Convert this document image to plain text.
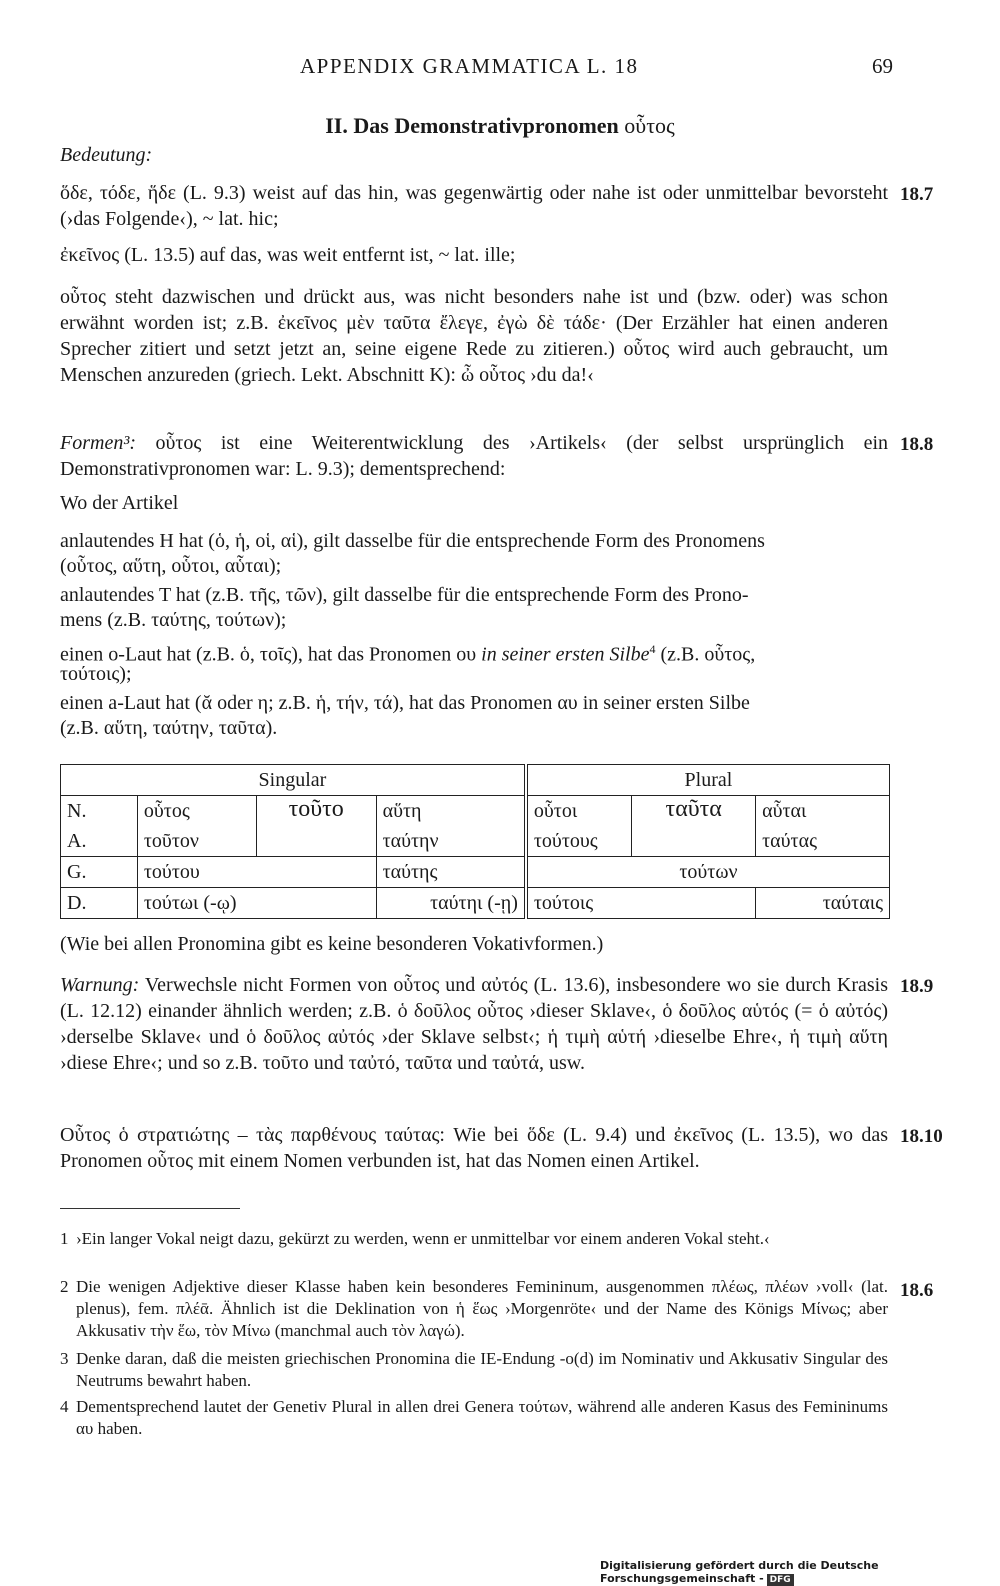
APPENDIX GRAMMATICA L. 18	69
II. Das Demonstrativpronomen οὗτος
Bedeutung:

ὅδε, τόδε, ἥδε (L. 9.3) weist auf das hin, was gegenwärtig oder nahe ist oder unmittelbar bevorsteht (›das Folgende‹), ~ lat. hic;

18.7

ἐκεῖνος (L. 13.5) auf das, was weit entfernt ist, ~ lat. ille;

οὗτος steht dazwischen und drückt aus, was nicht besonders nahe ist und (bzw. oder) was schon erwähnt worden ist; z.B. ἐκεῖνος μὲν ταῦτα ἔλεγε, ἐγὼ δὲ τάδε· (Der Erzähler hat einen anderen Sprecher zitiert und setzt jetzt an, seine eigene Rede zu zitieren.) οὗτος wird auch gebraucht, um Menschen anzureden (griech. Lekt. Abschnitt K): ὦ οὗτος ›du da!‹

Formen³: οὗτος ist eine Weiterentwicklung des ›Artikels‹ (der selbst ursprünglich ein Demonstrativpronomen war: L. 9.3); dementsprechend:

18.8
Wo der Artikel
anlautendes H hat (ὁ, ἡ, οἱ, αἱ), gilt dasselbe für die entsprechende Form des Pronomens
(οὗτος, αὕτη, οὗτοι, αὗται);
anlautendes T hat (z.B. τῆς, τῶν), gilt dasselbe für die entsprechende Form des Prono-
mens (z.B. ταύτης, τούτων);
einen o-Laut hat (z.B. ὁ, τοῖς), hat das Pronomen ου in seiner ersten Silbe$^4$ (z.B. οὗτος,
τούτοις);
einen a-Laut hat (ᾰ oder η; z.B. ἡ, τήν, τά), hat das Pronomen αυ in seiner ersten Silbe
(z.B. αὕτη, ταύτην, ταῦτα).
Singular				Plural		
N.	οὗτος	τοῦτο	αὕτη	οὗτοι	ταῦτα	αὗται
A.	τοῦτον		ταύτην	τούτους		ταύτας
G.	τούτου		ταύτης	τούτων		
D.	τούτωι (-ῳ)		ταύτηι (-ῃ)	τούτοις		ταύταις
(Wie bei allen Pronomina gibt es keine besonderen Vokativformen.)

Warnung: Verwechsle nicht Formen von οὗτος und αὐτός (L. 13.6), insbesondere wo sie durch Krasis (L. 12.12) einander ähnlich werden; z.B. ὁ δοῦλος οὗτος ›dieser Sklave‹, ὁ δοῦλος αὑτός (= ὁ αὐτός) ›derselbe Sklave‹ und ὁ δοῦλος αὐτός ›der Sklave selbst‹; ἡ τιμὴ αὑτή ›dieselbe Ehre‹, ἡ τιμὴ αὕτη ›diese Ehre‹; und so z.B. τοῦτο und ταὐτό, ταῦτα und ταὐτά, usw.

18.9

Οὗτος ὁ στρατιώτης – τὰς παρθένους ταύτας: Wie bei ὅδε (L. 9.4) und ἐκεῖνος (L. 13.5), wo das Pronomen οὗτος mit einem Nomen verbunden ist, hat das Nomen einen Artikel.

18.10
1 ›Ein langer Vokal neigt dazu, gekürzt zu werden, wenn er unmittelbar vor einem anderen Vokal steht.‹
2 Die wenigen Adjektive dieser Klasse haben kein besonderes Femininum, ausgenommen πλέως, πλέων ›voll‹ (lat. plenus), fem. πλέᾱ. Ähnlich ist die Deklination von ἡ ἕως ›Morgenröte‹ und der Name des Königs Μίνως; aber Akkusativ τὴν ἕω, τὸν Μίνω (manchmal auch τὸν λαγώ).
18.6
3 Denke daran, daß die meisten griechischen Pronomina die IE-Endung -o(d) im Nominativ und Akkusativ Singular des Neutrums bewahrt haben.
4 Dementsprechend lautet der Genetiv Plural in allen drei Genera τούτων, während alle anderen Kasus des Femininums αυ haben.
Digitalisierung gefördert durch die Deutsche Forschungsgemeinschaft - DFG
